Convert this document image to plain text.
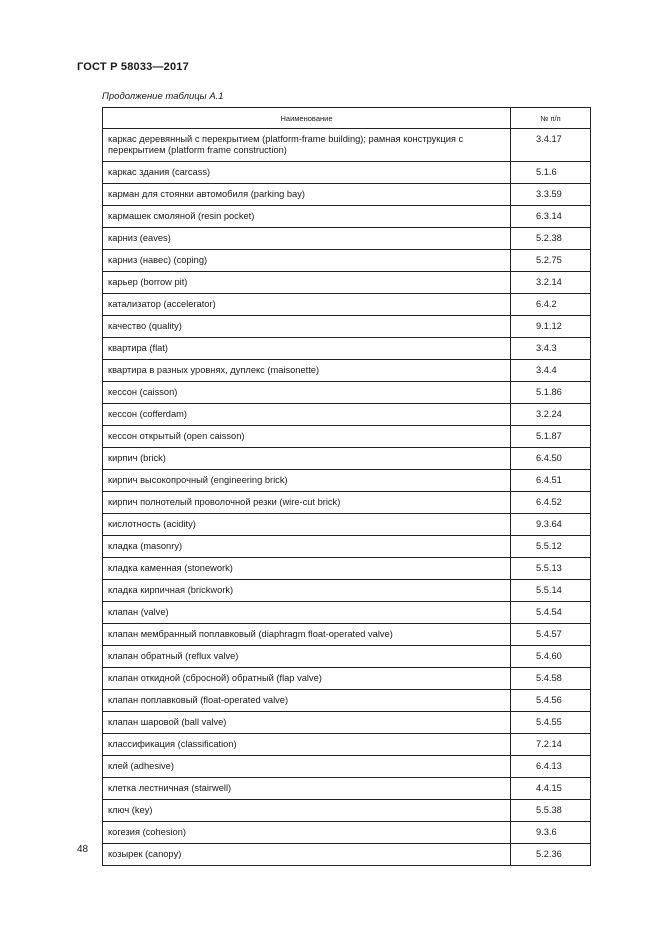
ГОСТ Р 58033—2017
Продолжение таблицы А.1
Наименование	№ п/п
каркас деревянный с перекрытием (platform-frame building); рамная конструкция с перекрытием (platform frame construction)	3.4.17
каркас здания (carcass)	5.1.6
карман для стоянки автомобиля (parking bay)	3.3.59
кармашек смоляной (resin pocket)	6.3.14
карниз (eaves)	5.2.38
карниз (навес) (coping)	5.2.75
карьер (borrow pit)	3.2.14
катализатор (accelerator)	6.4.2
качество (quality)	9.1.12
квартира (flat)	3.4.3
квартира в разных уровнях, дуплекс (maisonette)	3.4.4
кессон (caisson)	5.1.86
кессон (cofferdam)	3.2.24
кессон открытый (open caisson)	5.1.87
кирпич (brick)	6.4.50
кирпич высокопрочный (engineering brick)	6.4.51
кирпич полнотелый проволочной резки (wire-cut brick)	6.4.52
кислотность (acidity)	9.3.64
кладка (masonry)	5.5.12
кладка каменная (stonework)	5.5.13
кладка кирпичная (brickwork)	5.5.14
клапан (valve)	5.4.54
клапан мембранный поплавковый (diaphragm float-operated valve)	5.4.57
клапан обратный (reflux valve)	5.4.60
клапан откидной (сбросной) обратный (flap valve)	5.4.58
клапан поплавковый (float-operated valve)	5.4.56
клапан шаровой (ball valve)	5.4.55
классификация (classification)	7.2.14
клей (adhesive)	6.4.13
клетка лестничная (stairwell)	4.4.15
ключ (key)	5.5.38
когезия (cohesion)	9.3.6
козырек (canopy)	5.2.36
48
